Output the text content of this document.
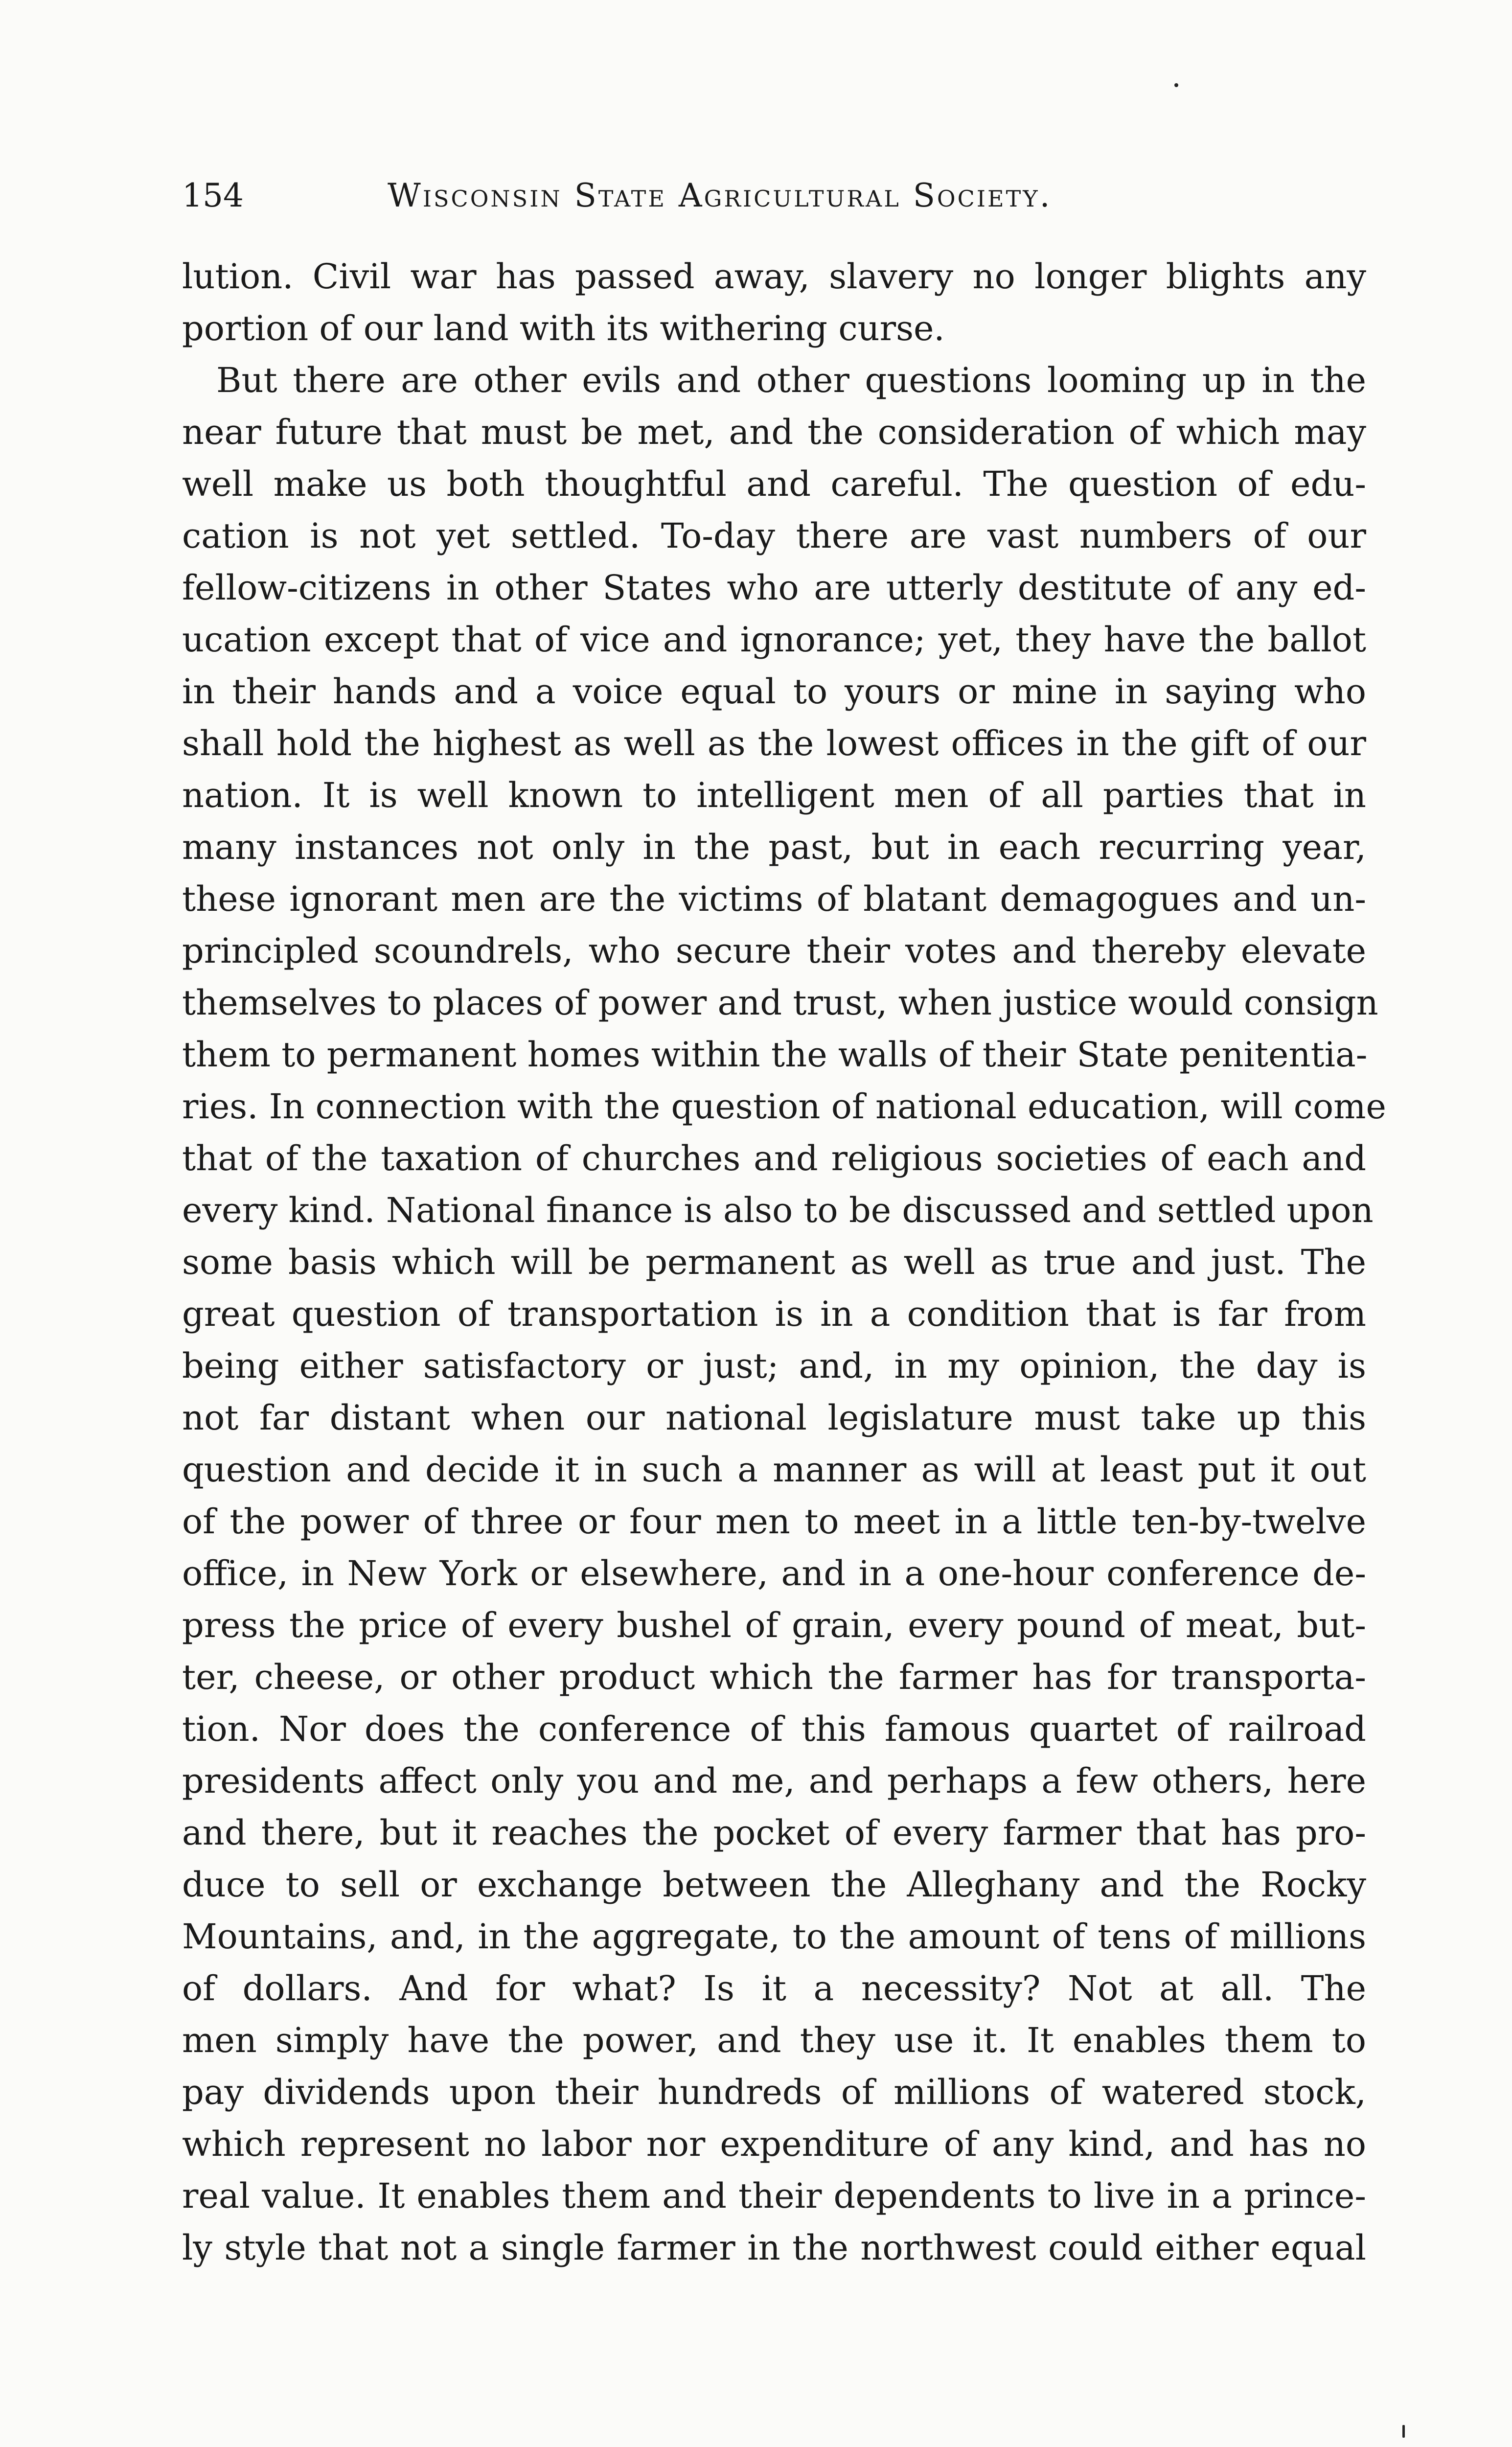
154	Wisconsin State Agricultural Society.
lution. Civil war has passed away, slavery no longer blights any
portion of our land with its withering curse.
But there are other evils and other questions looming up in the
near future that must be met, and the consideration of which may
well make us both thoughtful and careful. The question of edu-
cation is not yet settled. To-day there are vast numbers of our
fellow-citizens in other States who are utterly destitute of any ed-
ucation except that of vice and ignorance; yet, they have the ballot
in their hands and a voice equal to yours or mine in saying who
shall hold the highest as well as the lowest offices in the gift of our
nation. It is well known to intelligent men of all parties that in
many instances not only in the past, but in each recurring year,
these ignorant men are the victims of blatant demagogues and un-
principled scoundrels, who secure their votes and thereby elevate
themselves to places of power and trust, when justice would consign
them to permanent homes within the walls of their State penitentia-
ries. In connection with the question of national education, will come
that of the taxation of churches and religious societies of each and
every kind. National finance is also to be discussed and settled upon
some basis which will be permanent as well as true and just. The
great question of transportation is in a condition that is far from
being either satisfactory or just; and, in my opinion, the day is
not far distant when our national legislature must take up this
question and decide it in such a manner as will at least put it out
of the power of three or four men to meet in a little ten-by-twelve
office, in New York or elsewhere, and in a one-hour conference de-
press the price of every bushel of grain, every pound of meat, but-
ter, cheese, or other product which the farmer has for transporta-
tion. Nor does the conference of this famous quartet of railroad
presidents affect only you and me, and perhaps a few others, here
and there, but it reaches the pocket of every farmer that has pro-
duce to sell or exchange between the Alleghany and the Rocky
Mountains, and, in the aggregate, to the amount of tens of millions
of dollars. And for what? Is it a necessity? Not at all. The
men simply have the power, and they use it. It enables them to
pay dividends upon their hundreds of millions of watered stock,
which represent no labor nor expenditure of any kind, and has no
real value. It enables them and their dependents to live in a prince-
ly style that not a single farmer in the northwest could either equal
